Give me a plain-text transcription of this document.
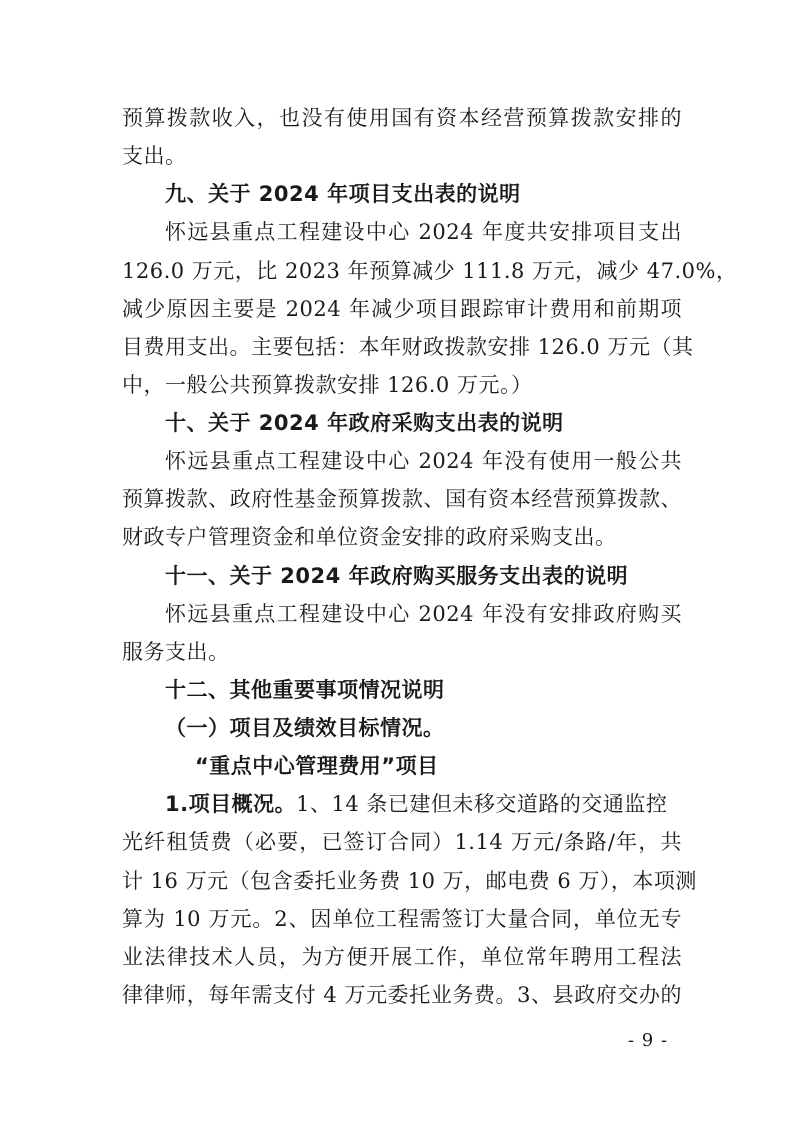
预算拨款收入，也没有使用国有资本经营预算拨款安排的
支出。
九、关于 2024 年项目支出表的说明
怀远县重点工程建设中心 2024 年度共安排项目支出
126.0 万元，比 2023 年预算减少 111.8 万元，减少 47.0%，
减少原因主要是 2024 年减少项目跟踪审计费用和前期项
目费用支出。主要包括：本年财政拨款安排 126.0 万元（其
中，一般公共预算拨款安排 126.0 万元。）
十、关于 2024 年政府采购支出表的说明
怀远县重点工程建设中心 2024 年没有使用一般公共
预算拨款、政府性基金预算拨款、国有资本经营预算拨款、
财政专户管理资金和单位资金安排的政府采购支出。
十一、关于 2024 年政府购买服务支出表的说明
怀远县重点工程建设中心 2024 年没有安排政府购买
服务支出。
十二、其他重要事项情况说明
（一）项目及绩效目标情况。
“重点中心管理费用”项目
1.项目概况。1、14 条已建但未移交道路的交通监控
光纤租赁费（必要，已签订合同）1.14 万元/条路/年，共
计 16 万元（包含委托业务费 10 万，邮电费 6 万），本项测
算为 10 万元。2、因单位工程需签订大量合同，单位无专
业法律技术人员，为方便开展工作，单位常年聘用工程法
- 9 -
律律师，每年需支付 4 万元委托业务费。3、县政府交办的
